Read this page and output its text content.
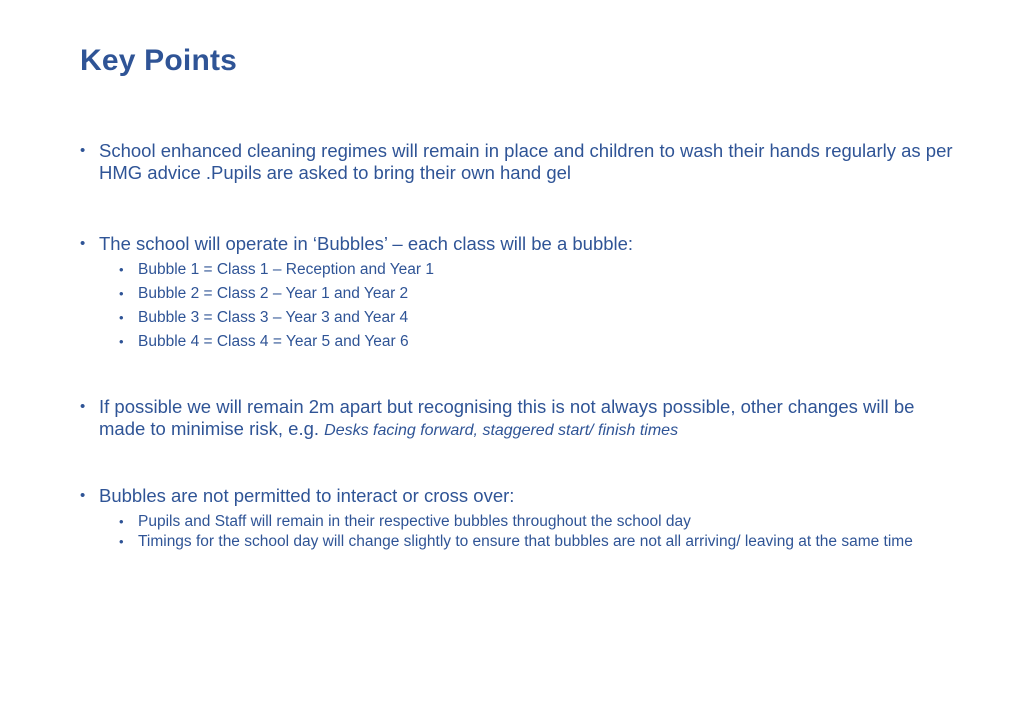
Key Points
• School enhanced cleaning regimes will remain in place and children to wash their hands regularly as per HMG advice .Pupils are asked to bring their own hand gel
• The school will operate in ‘Bubbles’ – each class will be a bubble:
• Bubble 1 = Class 1 – Reception and Year 1
• Bubble 2 = Class 2 – Year 1 and Year 2
• Bubble 3 = Class 3 – Year 3 and Year 4
• Bubble 4 = Class 4 = Year 5 and Year 6
• If possible we will remain 2m apart but recognising this is not always possible, other changes will be made to minimise risk, e.g. Desks facing forward, staggered start/ finish times
• Bubbles are not permitted to interact or cross over:
• Pupils and Staff will remain in their respective bubbles throughout the school day
• Timings for the school day will change slightly to ensure that bubbles are not all arriving/ leaving at the same time
